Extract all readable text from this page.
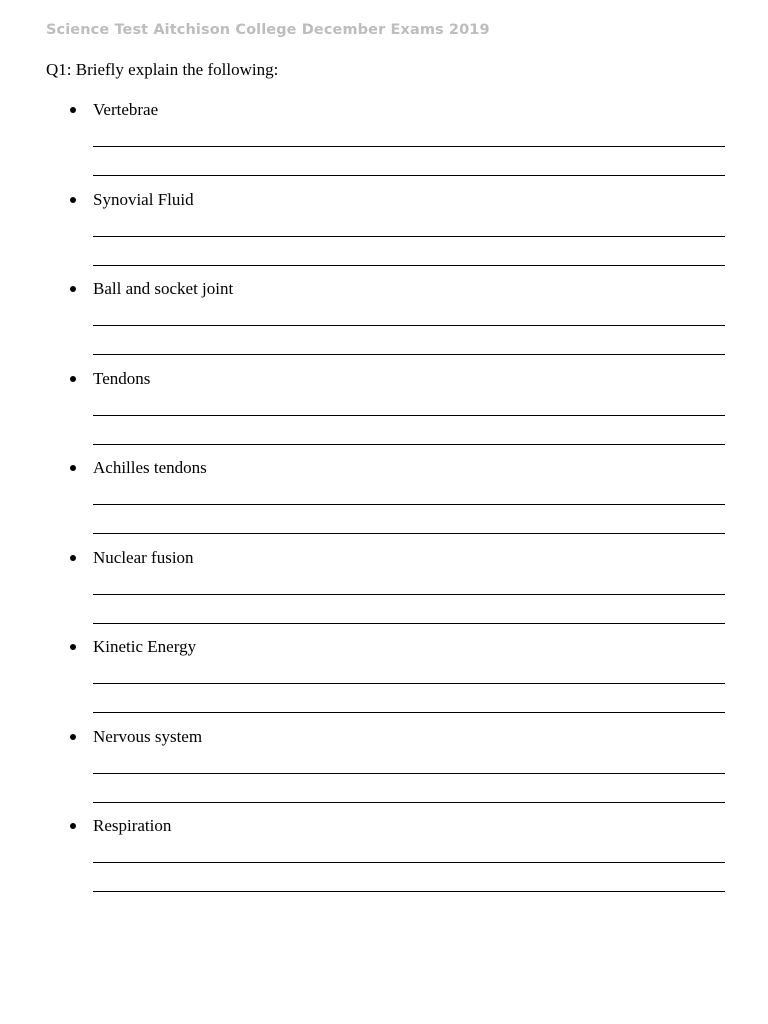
Science Test Aitchison College December Exams 2019
Q1: Briefly explain the following:
Vertebrae
Synovial Fluid
Ball and socket joint
Tendons
Achilles tendons
Nuclear fusion
Kinetic Energy
Nervous system
Respiration
